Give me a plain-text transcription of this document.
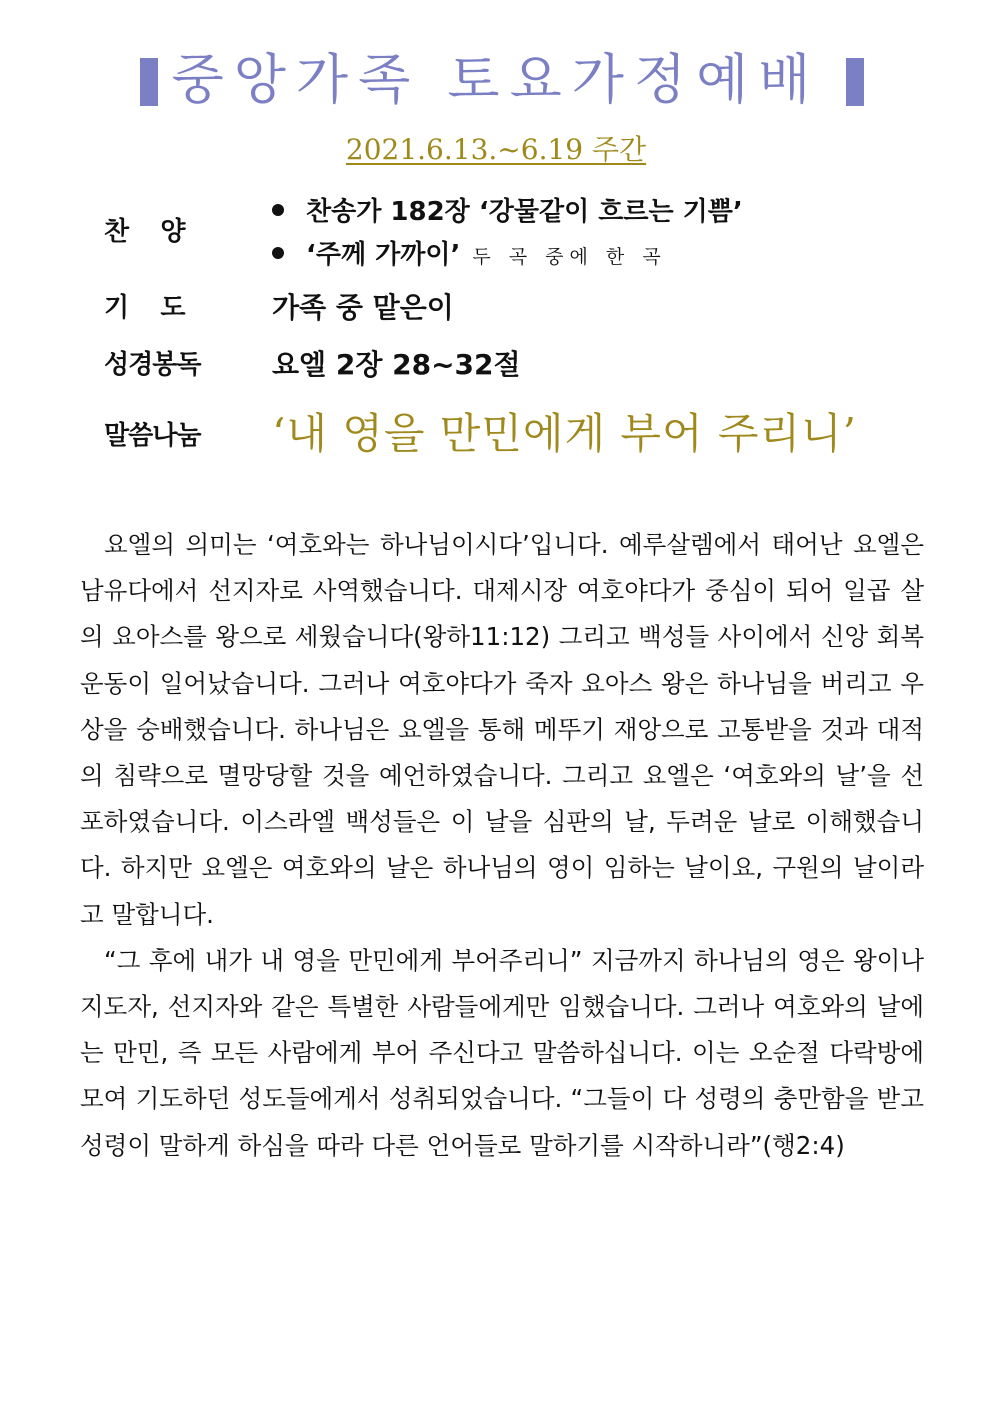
중앙가족 토요가정예배
2021.6.13.~6.19 주간
찬    양
찬송가 182장 ‘강물같이 흐르는 기쁨’
‘주께 가까이’ 두 곡 중에 한 곡
기    도	가족 중 맡은이
성경봉독	요엘 2장 28~32절
말씀나눔 ‘내 영을 만민에게 부어 주리니’

요엘의 의미는 ‘여호와는 하나님이시다’입니다. 예루살렘에서 태어난 요엘은 남유다에서 선지자로 사역했습니다. 대제시장 여호야다가 중심이 되어 일곱 살의 요아스를 왕으로 세웠습니다(왕하11:12) 그리고 백성들 사이에서 신앙 회복 운동이 일어났습니다. 그러나 여호야다가 죽자 요아스 왕은 하나님을 버리고 우상을 숭배했습니다. 하나님은 요엘을 통해 메뚜기 재앙으로 고통받을 것과 대적의 침략으로 멸망당할 것을 예언하였습니다. 그리고 요엘은 ‘여호와의 날’을 선포하였습니다. 이스라엘 백성들은 이 날을 심판의 날, 두려운 날로 이해했습니다. 하지만 요엘은 여호와의 날은 하나님의 영이 임하는 날이요, 구원의 날이라고 말합니다.

“그 후에 내가 내 영을 만민에게 부어주리니” 지금까지 하나님의 영은 왕이나 지도자, 선지자와 같은 특별한 사람들에게만 임했습니다. 그러나 여호와의 날에는 만민, 즉 모든 사람에게 부어 주신다고 말씀하십니다. 이는 오순절 다락방에 모여 기도하던 성도들에게서 성취되었습니다. “그들이 다 성령의 충만함을 받고 성령이 말하게 하심을 따라 다른 언어들로 말하기를 시작하니라”(행2:4)
